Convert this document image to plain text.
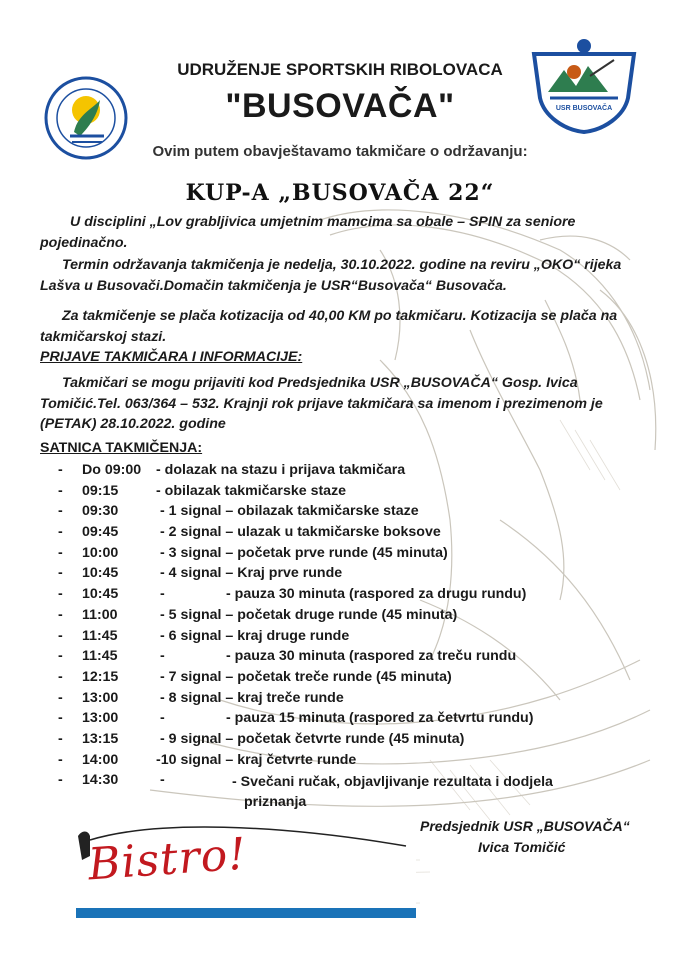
USR BUSOVAČA
UDRUŽENJE SPORTSKIH RIBOLOVACA
"BUSOVAČA"
Ovim putem obavještavamo takmičare o održavanju:
KUP-A „BUSOVAČA 22“
U disciplini „Lov grabljivica umjetnim mamcima sa obale – SPIN za seniore pojedinačno.
Termin održavanja takmičenja je nedelja, 30.10.2022. godine na reviru „OKO“ rijeka Lašva u Busovači.Domačin takmičenja je USR“Busovača“ Busovača.
Za takmičenje se plača kotizacija od 40,00 KM po takmičaru. Kotizacija se plača na takmičarskoj stazi.
PRIJAVE TAKMIČARA I INFORMACIJE:
Takmičari se mogu prijaviti kod Predsjednika USR „BUSOVAČA“ Gosp. Ivica Tomičić.Tel. 063/364 – 532. Krajnji rok prijave takmičara sa imenom i prezimenom je (PETAK) 28.10.2022. godine
SATNICA TAKMIČENJA:
- Do 09:00 - dolazak na stazu i prijava takmičara
- 09:15	- obilazak takmičarske staze
- 09:30	- 1 signal – obilazak takmičarske staze
- 09:45	- 2 signal – ulazak u takmičarske boksove
- 10:00	- 3 signal – početak prve runde (45 minuta)
- 10:45	- 4 signal – Kraj prve runde
- 10:45	-	- pauza 30 minuta (raspored za drugu rundu)
- 11:00	- 5 signal – početak druge runde (45 minuta)
- 11:45	- 6 signal – kraj druge runde
- 11:45	-	- pauza 30 minuta (raspored za treču rundu
- 12:15	- 7 signal – početak treče runde (45 minuta)
- 13:00	- 8 signal – kraj treče runde
- 13:00	-	- pauza 15 minuta (raspored za četvrtu rundu)
- 13:15	- 9 signal – početak četvrte runde (45 minuta)
- 14:00	-10 signal – kraj četvrte runde
- 14:30	-	- Svečani ručak, objavljivanje rezultata i dodjela
priznanja
Predsjednik USR „BUSOVAČA“
Ivica Tomičić
Bistro!
